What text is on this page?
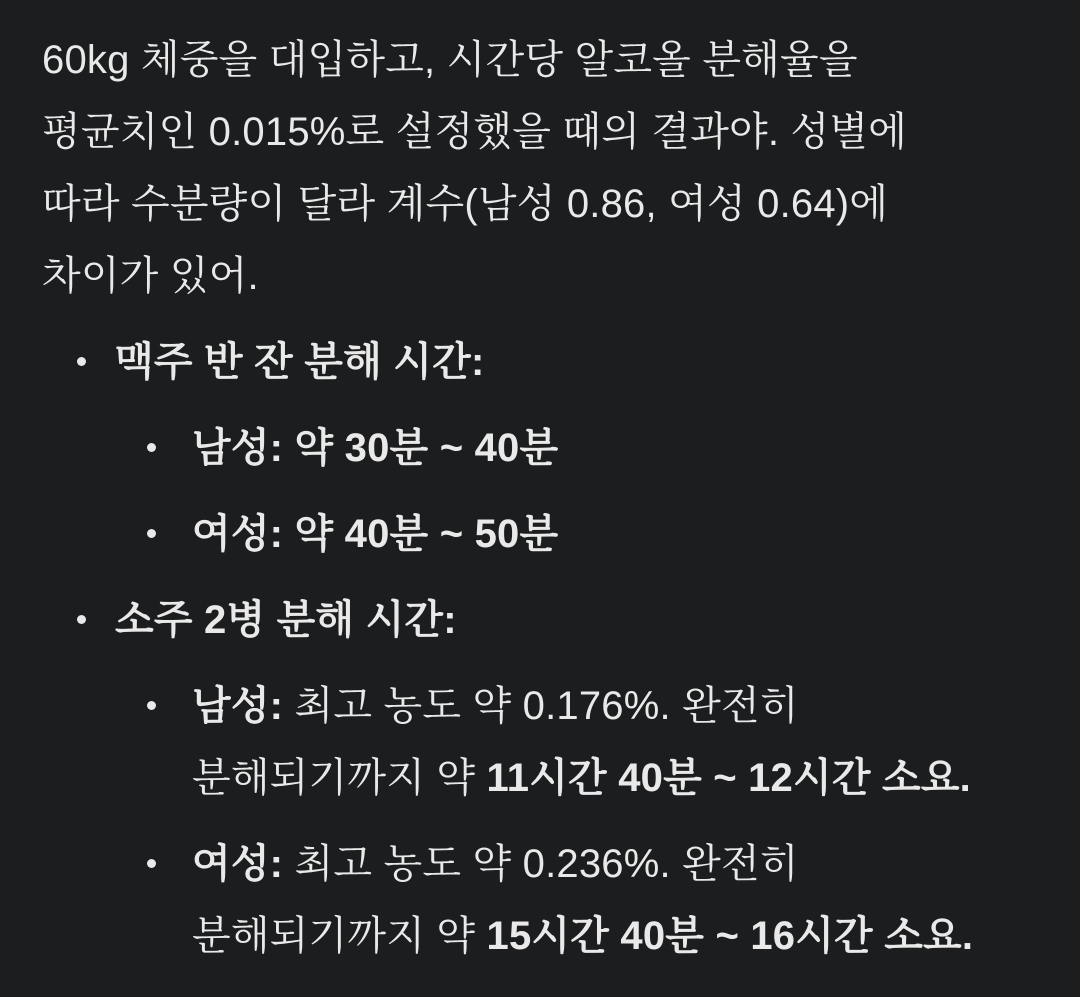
60kg 체중을 대입하고, 시간당 알코올 분해율을
평균치인 0.015%로 설정했을 때의 결과야. 성별에
따라 수분량이 달라 계수(남성 0.86, 여성 0.64)에
차이가 있어.

맥주 반 잔 분해 시간:
남성: 약 30분 ~ 40분
여성: 약 40분 ~ 50분
소주 2병 분해 시간:
남성: 최고 농도 약 0.176%. 완전히
분해되기까지 약 11시간 40분 ~ 12시간 소요.
여성: 최고 농도 약 0.236%. 완전히
분해되기까지 약 15시간 40분 ~ 16시간 소요.
